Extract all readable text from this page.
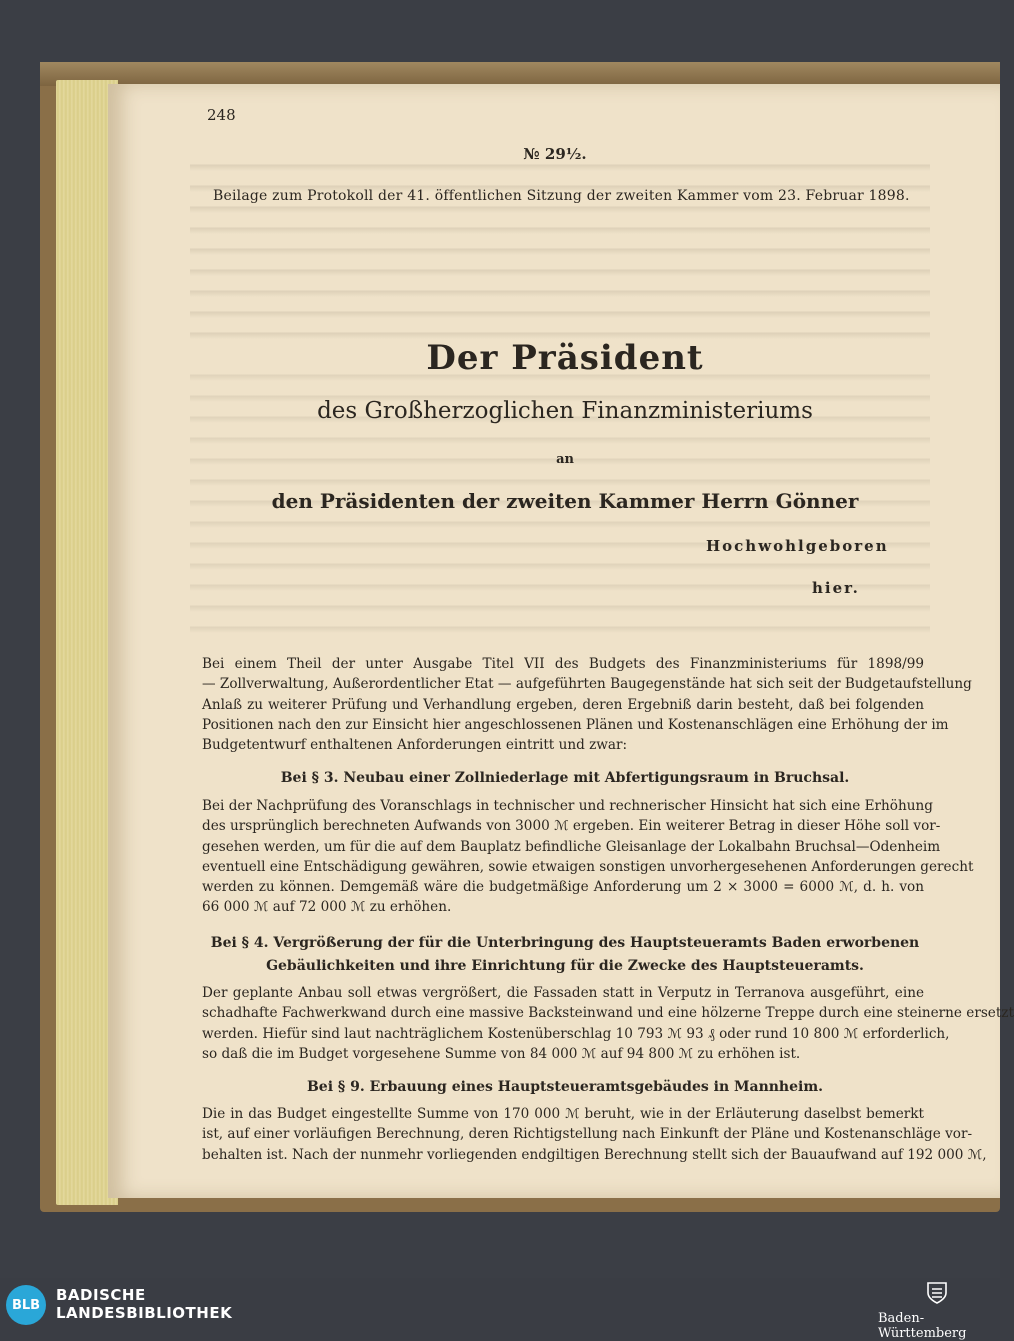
248
№ 29½.
Beilage zum Protokoll der 41. öffentlichen Sitzung der zweiten Kammer vom 23. Februar 1898.
Der Präsident
des Großherzoglichen Finanzministeriums
an
den Präsidenten der zweiten Kammer Herrn Gönner
Hochwohlgeboren
hier.
Bei einem Theil der unter Ausgabe Titel VII des Budgets des Finanzministeriums für 1898/99
— Zollverwaltung, Außerordentlicher Etat — aufgeführten Baugegenstände hat sich seit der Budgetaufstellung
Anlaß zu weiterer Prüfung und Verhandlung ergeben, deren Ergebniß darin besteht, daß bei folgenden
Positionen nach den zur Einsicht hier angeschlossenen Plänen und Kostenanschlägen eine Erhöhung der im
Budgetentwurf enthaltenen Anforderungen eintritt und zwar:
Bei § 3. Neubau einer Zollniederlage mit Abfertigungsraum in Bruchsal.
Bei der Nachprüfung des Voranschlags in technischer und rechnerischer Hinsicht hat sich eine Erhöhung
des ursprünglich berechneten Aufwands von 3000 ℳ ergeben. Ein weiterer Betrag in dieser Höhe soll vor-
gesehen werden, um für die auf dem Bauplatz befindliche Gleisanlage der Lokalbahn Bruchsal—Odenheim
eventuell eine Entschädigung gewähren, sowie etwaigen sonstigen unvorhergesehenen Anforderungen gerecht
werden zu können. Demgemäß wäre die budgetmäßige Anforderung um 2 × 3000 = 6000 ℳ, d. h. von
66 000 ℳ auf 72 000 ℳ zu erhöhen.
Bei § 4. Vergrößerung der für die Unterbringung des Hauptsteueramts Baden erworbenen
Gebäulichkeiten und ihre Einrichtung für die Zwecke des Hauptsteueramts.
Der geplante Anbau soll etwas vergrößert, die Fassaden statt in Verputz in Terranova ausgeführt, eine
schadhafte Fachwerkwand durch eine massive Backsteinwand und eine hölzerne Treppe durch eine steinerne ersetzt
werden. Hiefür sind laut nachträglichem Kostenüberschlag 10 793 ℳ 93 ₰ oder rund 10 800 ℳ erforderlich,
so daß die im Budget vorgesehene Summe von 84 000 ℳ auf 94 800 ℳ zu erhöhen ist.
Bei § 9. Erbauung eines Hauptsteueramtsgebäudes in Mannheim.
Die in das Budget eingestellte Summe von 170 000 ℳ beruht, wie in der Erläuterung daselbst bemerkt
ist, auf einer vorläufigen Berechnung, deren Richtigstellung nach Einkunft der Pläne und Kostenanschläge vor-
behalten ist. Nach der nunmehr vorliegenden endgiltigen Berechnung stellt sich der Bauaufwand auf 192 000 ℳ,
BLB
BADISCHE
LANDESBIBLIOTHEK	Baden-Württemberg
